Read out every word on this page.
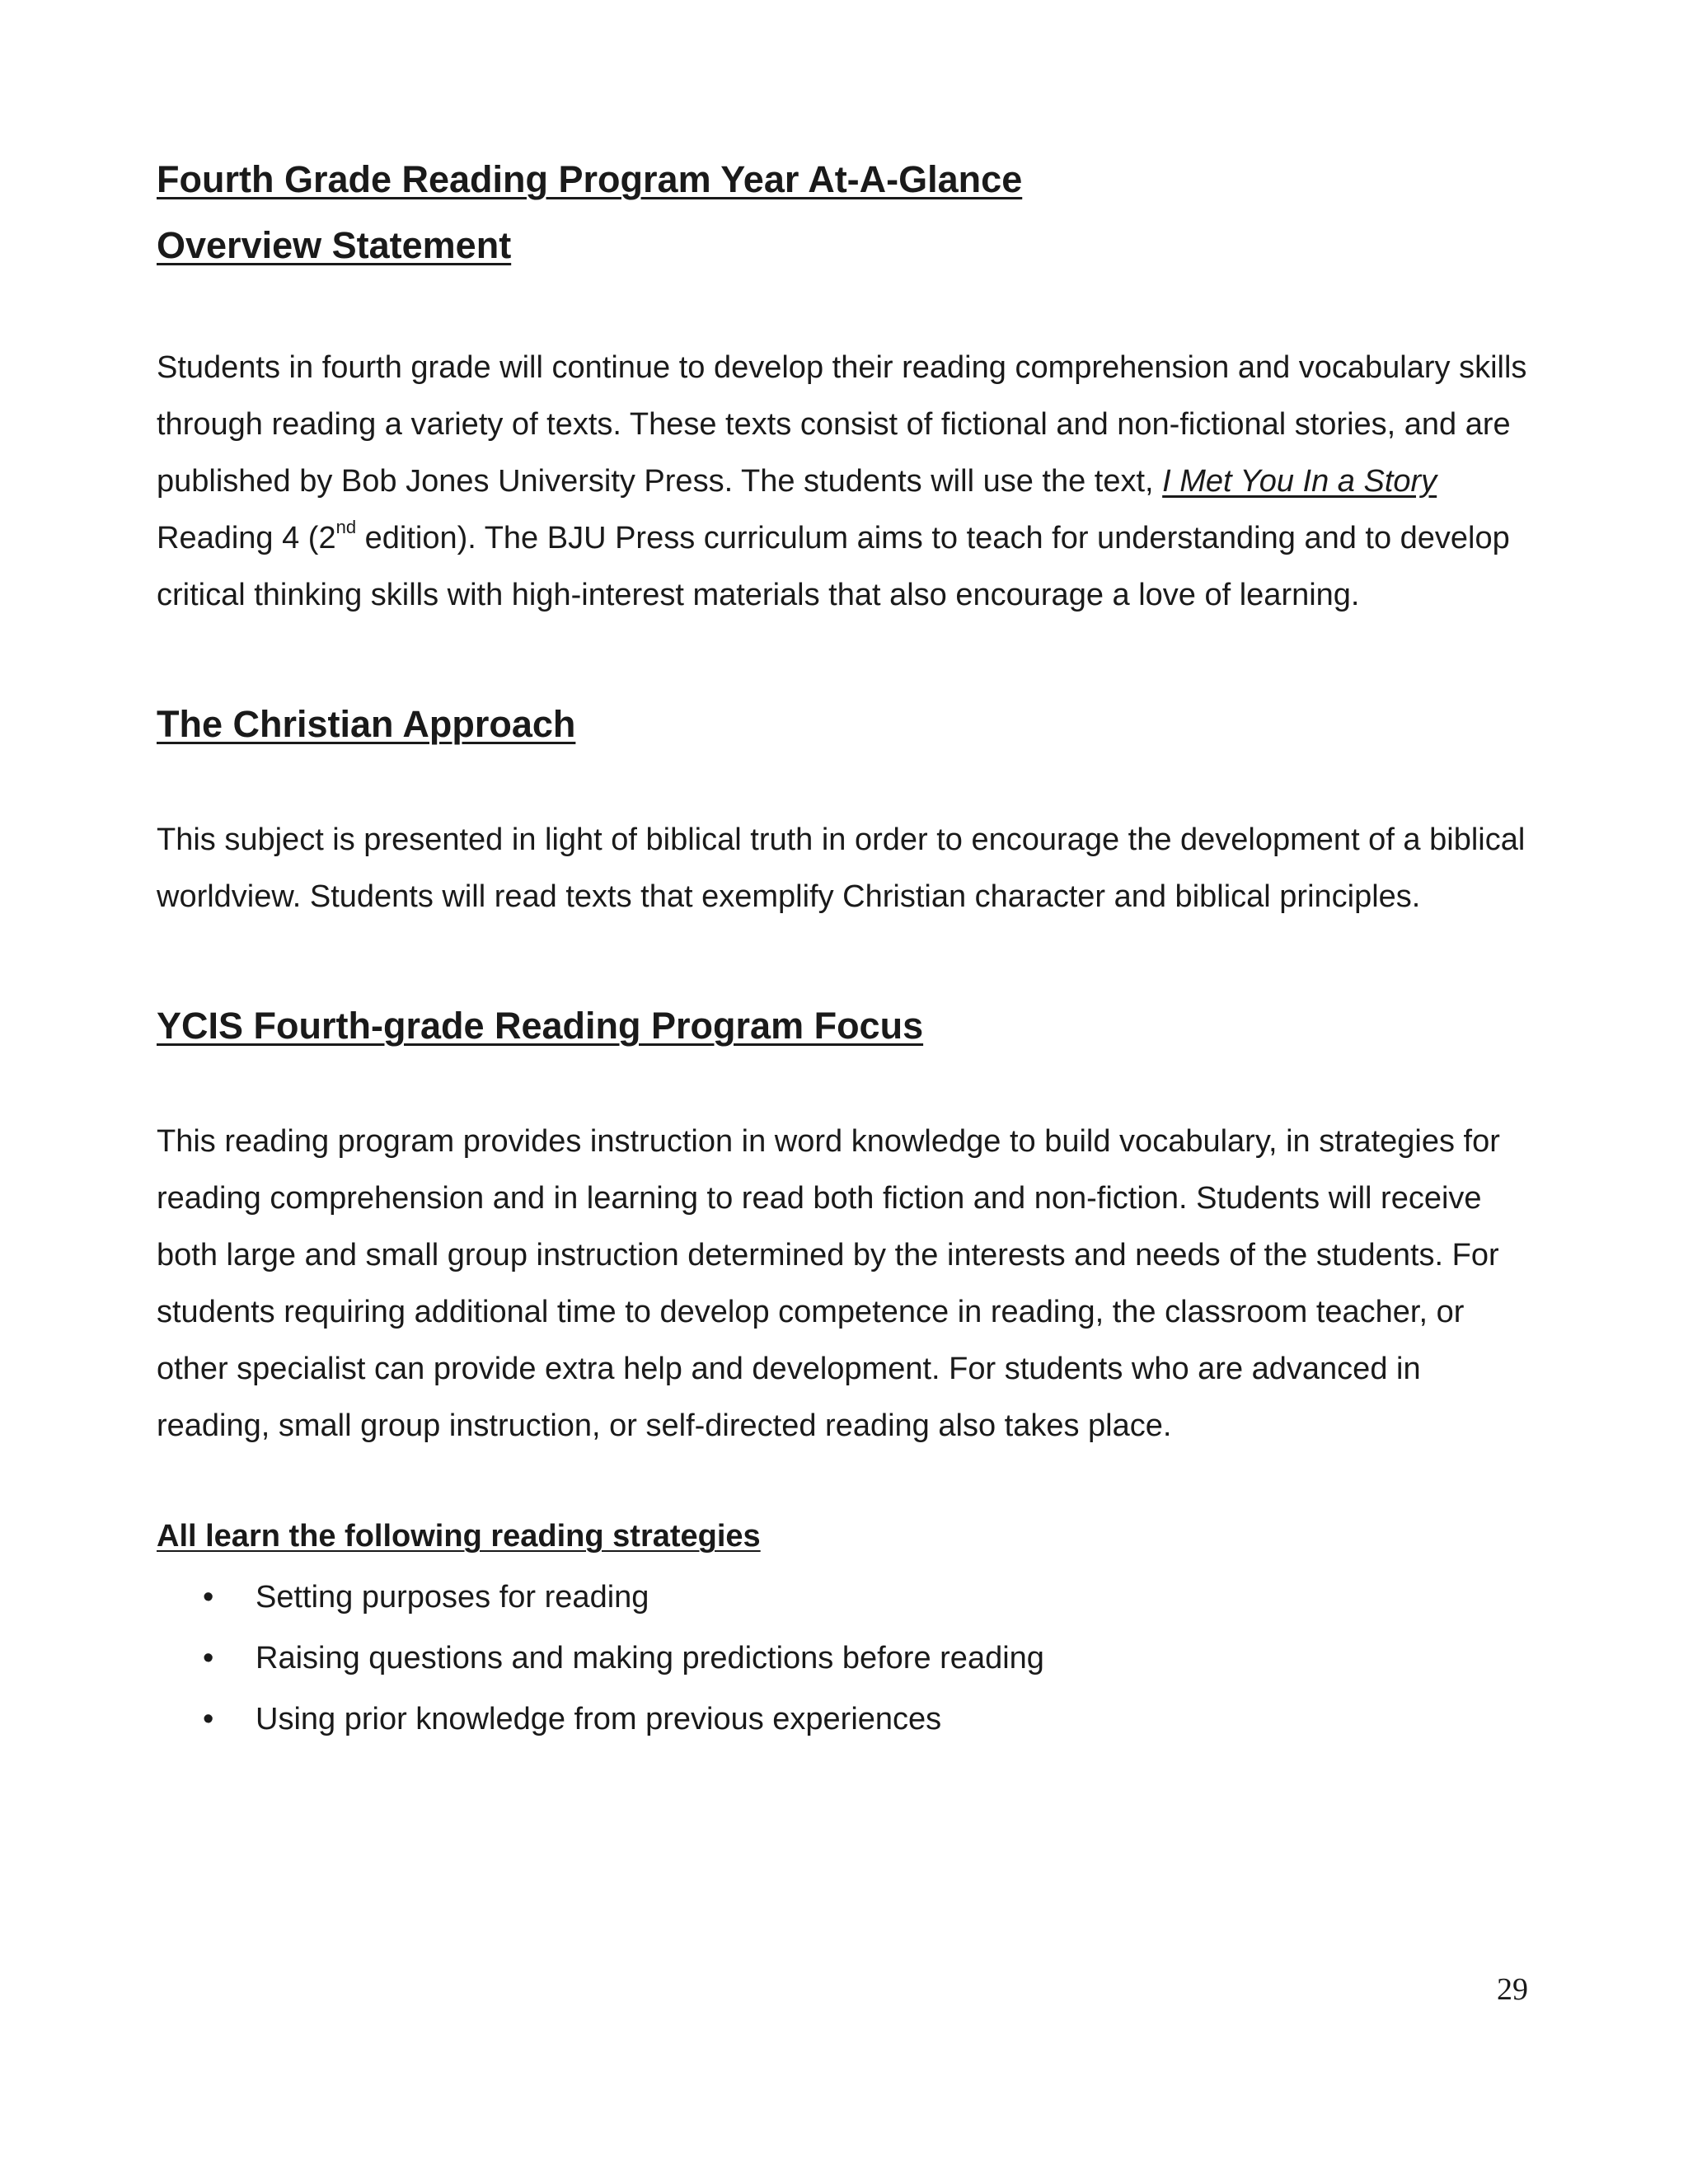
Fourth Grade Reading Program Year At-A-Glance
Overview Statement

Students in fourth grade will continue to develop their reading comprehension and vocabulary skills through reading a variety of texts. These texts consist of fictional and non-fictional stories, and are published by Bob Jones University Press. The students will use the text, I Met You In a Story Reading 4 (2nd edition). The BJU Press curriculum aims to teach for understanding and to develop critical thinking skills with high-interest materials that also encourage a love of learning.

The Christian Approach

This subject is presented in light of biblical truth in order to encourage the development of a biblical worldview. Students will read texts that exemplify Christian character and biblical principles.

YCIS Fourth-grade Reading Program Focus

This reading program provides instruction in word knowledge to build vocabulary, in strategies for reading comprehension and in learning to read both fiction and non-fiction. Students will receive both large and small group instruction determined by the interests and needs of the students. For students requiring additional time to develop competence in reading, the classroom teacher, or other specialist can provide extra help and development. For students who are advanced in reading, small group instruction, or self-directed reading also takes place.

All learn the following reading strategies
• Setting purposes for reading
• Raising questions and making predictions before reading
• Using prior knowledge from previous experiences
29
